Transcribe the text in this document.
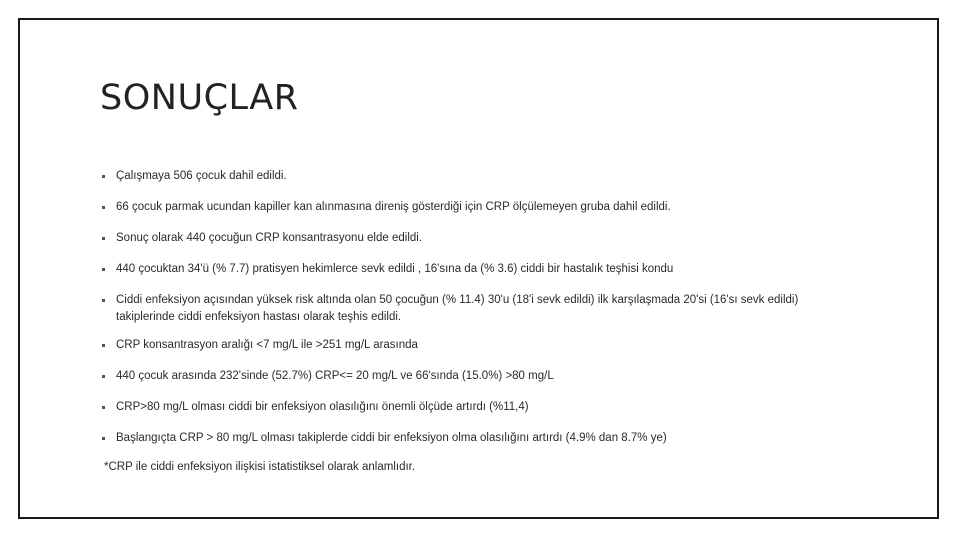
SONUÇLAR
Çalışmaya 506 çocuk dahil edildi.
66 çocuk parmak ucundan kapiller kan alınmasına direniş gösterdiği için CRP ölçülemeyen gruba dahil edildi.
Sonuç olarak 440 çocuğun CRP konsantrasyonu elde edildi.
440 çocuktan 34'ü (% 7.7) pratisyen hekimlerce sevk edildi , 16'sına da (% 3.6) ciddi bir hastalık teşhisi kondu
Ciddi enfeksiyon açısından yüksek risk altında olan 50 çocuğun (% 11.4) 30'u (18'i sevk edildi) ilk karşılaşmada 20'si (16'sı sevk edildi) takiplerinde ciddi enfeksiyon hastası olarak teşhis edildi.
CRP konsantrasyon aralığı <7 mg/L ile >251 mg/L arasında
440 çocuk arasında 232'sinde (52.7%) CRP<= 20 mg/L ve 66'sında (15.0%) >80 mg/L
CRP>80 mg/L olması ciddi bir enfeksiyon olasılığını önemli ölçüde artırdı (%11,4)
Başlangıçta CRP > 80 mg/L olması takiplerde ciddi bir enfeksiyon olma olasılığını artırdı (4.9% dan 8.7% ye)

*CRP ile ciddi enfeksiyon ilişkisi istatistiksel olarak anlamlıdır.
